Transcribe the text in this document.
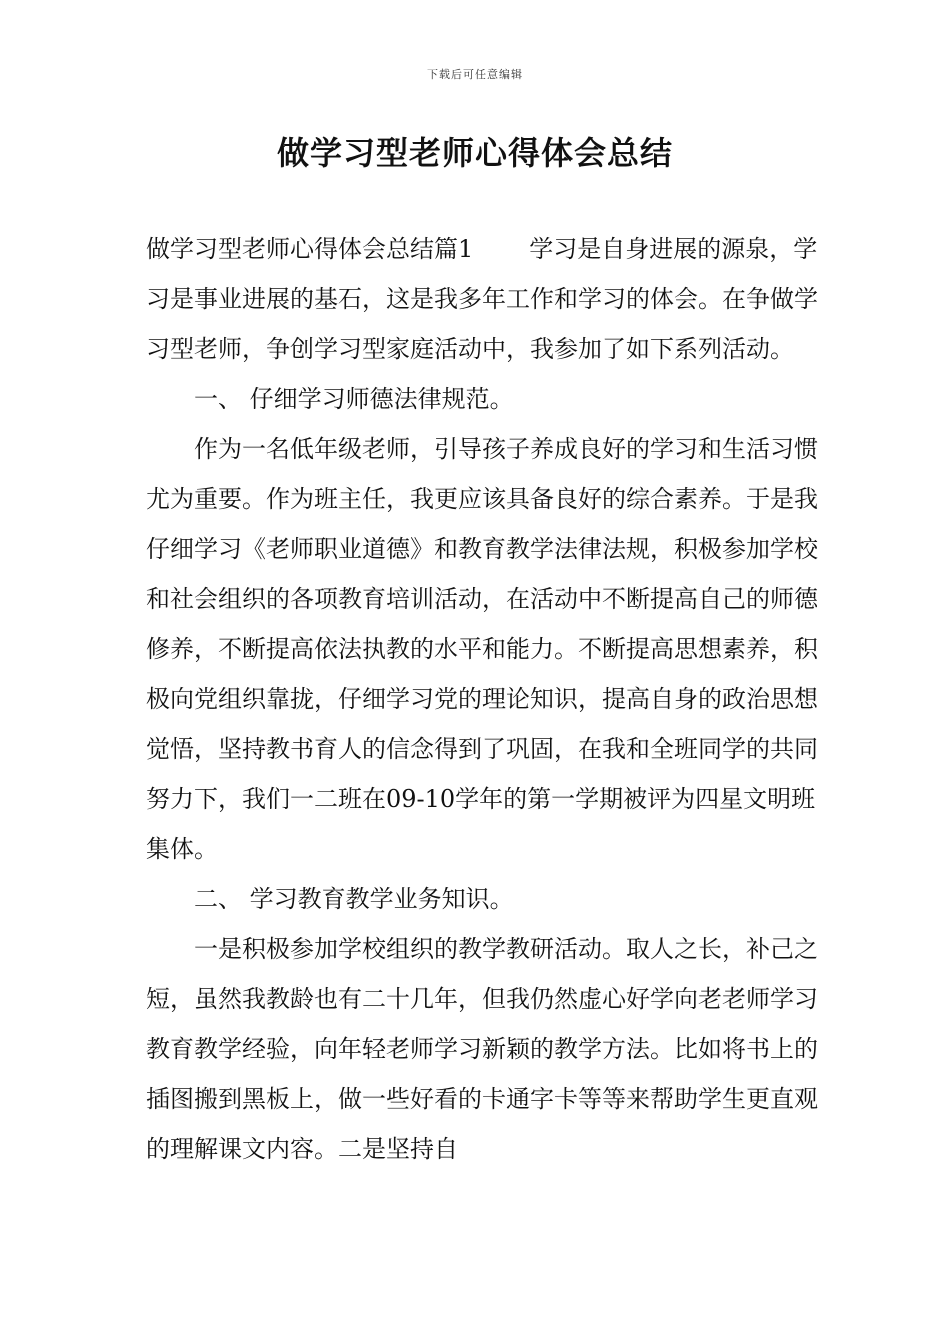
下载后可任意编辑
做学习型老师心得体会总结

做学习型老师心得体会总结篇1 学习是自身进展的源泉，学习是事业进展的基石，这是我多年工作和学习的体会。在争做学习型老师，争创学习型家庭活动中，我参加了如下系列活动。

一、 仔细学习师德法律规范。

作为一名低年级老师，引导孩子养成良好的学习和生活习惯尤为重要。作为班主任，我更应该具备良好的综合素养。于是我仔细学习《老师职业道德》和教育教学法律法规，积极参加学校和社会组织的各项教育培训活动，在活动中不断提高自己的师德修养，不断提高依法执教的水平和能力。不断提高思想素养，积极向党组织靠拢，仔细学习党的理论知识，提高自身的政治思想觉悟，坚持教书育人的信念得到了巩固，在我和全班同学的共同努力下，我们一二班在09-10学年的第一学期被评为四星文明班集体。

二、 学习教育教学业务知识。

一是积极参加学校组织的教学教研活动。取人之长，补己之短，虽然我教龄也有二十几年，但我仍然虚心好学向老老师学习教育教学经验，向年轻老师学习新颖的教学方法。比如将书上的插图搬到黑板上，做一些好看的卡通字卡等等来帮助学生更直观的理解课文内容。二是坚持自
